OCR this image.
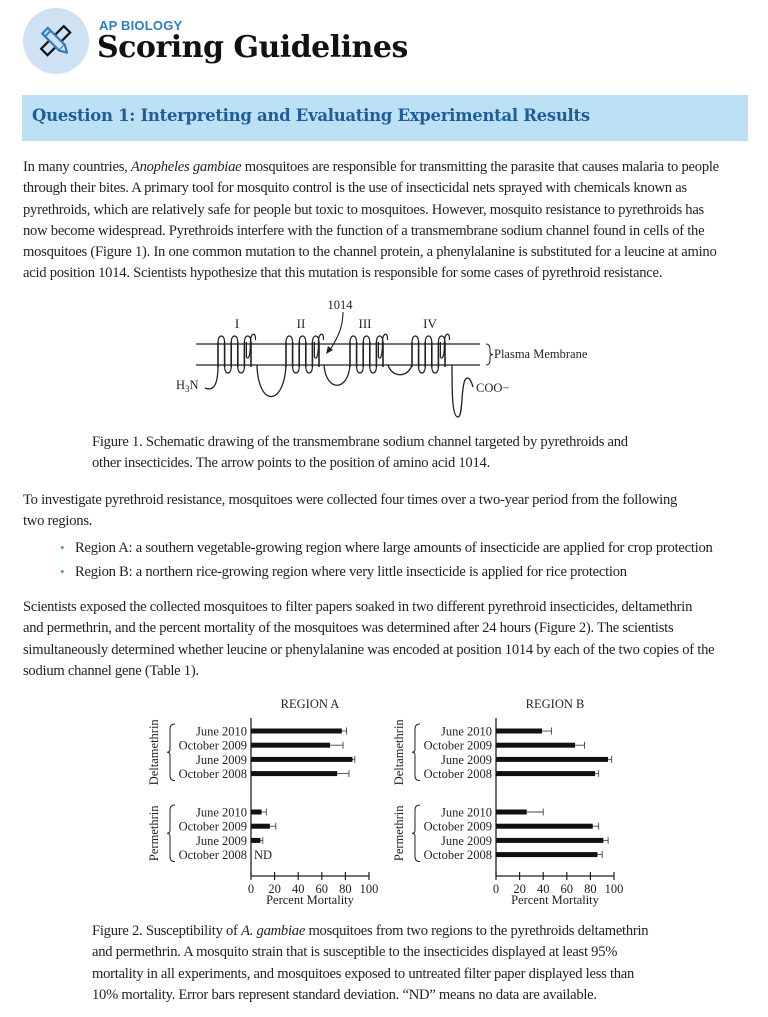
AP BIOLOGY
Scoring Guidelines
Question 1: Interpreting and Evaluating Experimental Results
In many countries, Anopheles gambiae mosquitoes are responsible for transmitting the parasite that causes malaria to people
through their bites. A primary tool for mosquito control is the use of insecticidal nets sprayed with chemicals known as
pyrethroids, which are relatively safe for people but toxic to mosquitoes. However, mosquito resistance to pyrethroids has
now become widespread. Pyrethroids interfere with the function of a transmembrane sodium channel found in cells of the
mosquitoes (Figure 1). In one common mutation to the channel protein, a phenylalanine is substituted for a leucine at amino
acid position 1014. Scientists hypothesize that this mutation is responsible for some cases of pyrethroid resistance.
I	II	III	IV
1014
$H_3N$	COO−
Plasma Membrane
Figure 1. Schematic drawing of the transmembrane sodium channel targeted by pyrethroids and
other insecticides. The arrow points to the position of amino acid 1014.
To investigate pyrethroid resistance, mosquitoes were collected four times over a two-year period from the following
two regions.
• Region A: a southern vegetable-growing region where large amounts of insecticide are applied for crop protection
• Region B: a northern rice-growing region where very little insecticide is applied for rice protection
Scientists exposed the collected mosquitoes to filter papers soaked in two different pyrethroid insecticides, deltamethrin
and permethrin, and the percent mortality of the mosquitoes was determined after 24 hours (Figure 2). The scientists
simultaneously determined whether leucine or phenylalanine was encoded at position 1014 by each of the two copies of the
sodium channel gene (Table 1).
REGION A
0 20 40 60 80 100
Percent Mortality
Deltamethrin	June 2010
October 2009
June 2009
October 2008
Permethrin	June 2010
October 2009
June 2009
October 2008 ND
REGION B
0 20 40 60 80 100
Percent Mortality
Deltamethrin	June 2010
October 2009
June 2009
October 2008
Permethrin	June 2010
October 2009
June 2009
October 2008
Figure 2. Susceptibility of A. gambiae mosquitoes from two regions to the pyrethroids deltamethrin
and permethrin. A mosquito strain that is susceptible to the insecticides displayed at least 95%
mortality in all experiments, and mosquitoes exposed to untreated filter paper displayed less than
10% mortality. Error bars represent standard deviation. “ND” means no data are available.
